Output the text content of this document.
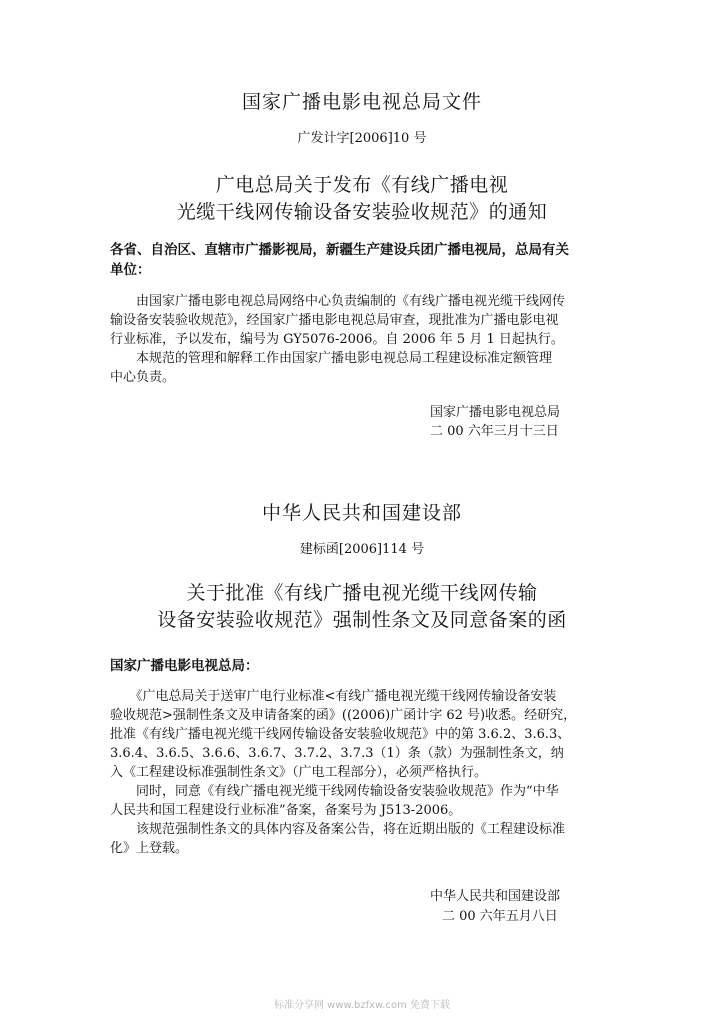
国家广播电影电视总局文件
广发计字[2006]10 号
广电总局关于发布《有线广播电视
光缆干线网传输设备安装验收规范》的通知
各省、自治区、直辖市广播影视局，新疆生产建设兵团广播电视局，总局有关
单位：
　　由国家广播电影电视总局网络中心负责编制的《有线广播电视光缆干线网传
输设备安装验收规范》，经国家广播电影电视总局审查，现批准为广播电影电视
行业标准，予以发布，编号为 GY5076-2006。自 2006 年 5 月 1 日起执行。
　　本规范的管理和解释工作由国家广播电影电视总局工程建设标准定额管理
中心负责。
国家广播电影电视总局
二 00 六年三月十三日
中华人民共和国建设部
建标函[2006]114 号
关于批准《有线广播电视光缆干线网传输
设备安装验收规范》强制性条文及同意备案的函
国家广播电影电视总局：
　　《广电总局关于送审广电行业标准<有线广播电视光缆干线网传输设备安装
验收规范>强制性条文及申请备案的函》((2006)广函计字 62 号)收悉。经研究，
批准《有线广播电视光缆干线网传输设备安装验收规范》中的第 3.6.2、3.6.3、
3.6.4、3.6.5、3.6.6、3.6.7、3.7.2、3.7.3（1）条（款）为强制性条文，纳
入《工程建设标准强制性条文》（广电工程部分），必须严格执行。
　　同时，同意《有线广播电视光缆干线网传输设备安装验收规范》作为“中华
人民共和国工程建设行业标准”备案，备案号为 J513-2006。
　　该规范强制性条文的具体内容及备案公告，将在近期出版的《工程建设标准
化》上登载。
中华人民共和国建设部
二 00 六年五月八日
标准分享网 www.bzfxw.com 免费下载
